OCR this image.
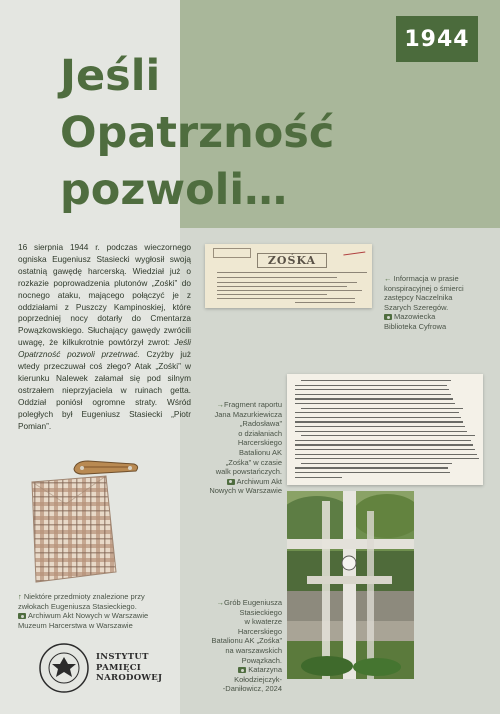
1944
Jeśli
Opatrzność
pozwoli…

16 sierpnia 1944 r. podczas wieczornego ogniska Eugeniusz Stasiecki wygłosił swoją ostatnią gawędę harcerską. Wiedział już o rozkazie poprowadzenia plutonów „Zośki” do nocnego ataku, mającego połączyć je z oddziałami z Puszczy Kampinoskiej, które poprzedniej nocy dotarły do Cmentarza Powązkowskiego. Słuchający gawędy zwrócili uwagę, że kilkukrotnie powtórzył zwrot: Jeśli Opatrzność pozwoli przetrwać. Czyżby już wtedy przeczuwał coś złego? Atak „Zośki” w kierunku Nalewek załamał się pod silnym ostrzałem nieprzyjaciela w ruinach getta. Oddział poniósł ogromne straty. Wśród poległych był Eugeniusz Stasiecki „Piotr Pomian”.

ZOŚKA
← Informacja w prasie
konspiracyjnej o śmierci
zastępcy Naczelnika
Szarych Szeregów.
Mazowiecka
Biblioteka Cyfrowa
→Fragment raportu
Jana Mazurkiewicza
„Radosława”
o działaniach
Harcerskiego
Batalionu AK
„Zośka” w czasie
walk powstańczych.
Archiwum Akt
Nowych w Warszawie
↑ Niektóre przedmioty znalezione przy
zwłokach Eugeniusza Stasieckiego.
Archiwum Akt Nowych w Warszawie
Muzeum Harcerstwa w Warszawie
→Grób Eugeniusza
Stasieckiego
w kwaterze
Harcerskiego
Batalionu AK „Zośka”
na warszawskich
Powązkach.
Katarzyna
Kołodziejczyk-
-Daniłowicz, 2024
INSTYTUT
PAMIĘCI
NARODOWEJ
